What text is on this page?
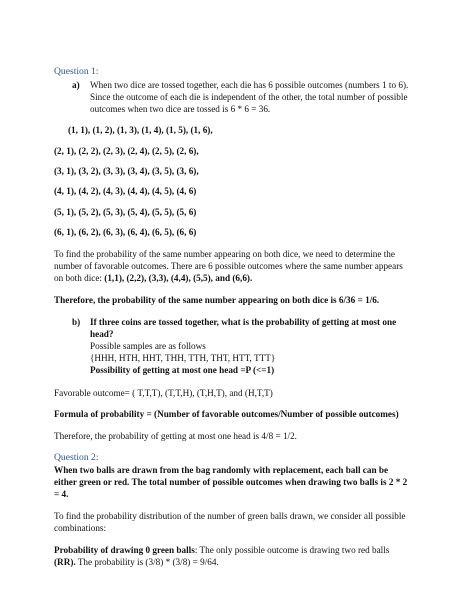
Question 1:
a) When two dice are tossed together, each die has 6 possible outcomes (numbers 1 to 6).
Since the outcome of each die is independent of the other, the total number of possible
outcomes when two dice are tossed is 6 * 6 = 36.
(1, 1), (1, 2), (1, 3), (1, 4), (1, 5), (1, 6),
(2, 1), (2, 2), (2, 3), (2, 4), (2, 5), (2, 6),
(3, 1), (3, 2), (3, 3), (3, 4), (3, 5), (3, 6),
(4, 1), (4, 2), (4, 3), (4, 4), (4, 5), (4, 6)
(5, 1), (5, 2), (5, 3), (5, 4), (5, 5), (5, 6)
(6, 1), (6, 2), (6, 3), (6, 4), (6, 5), (6, 6)
To find the probability of the same number appearing on both dice, we need to determine the
number of favorable outcomes. There are 6 possible outcomes where the same number appears
on both dice: (1,1), (2,2), (3,3), (4,4), (5,5), and (6,6).
Therefore, the probability of the same number appearing on both dice is 6/36 = 1/6.
b) If three coins are tossed together, what is the probability of getting at most one
head?
Possible samples are as follows
{HHH, HTH, HHT, THH, TTH, THT, HTT, TTT}
Possibility of getting at most one head =P (<=1)
Favorable outcome= ( T,T,T), (T,T,H), (T,H,T), and (H,T,T)
Formula of probability = (Number of favorable outcomes/Number of possible outcomes)
Therefore, the probability of getting at most one head is 4/8 = 1/2.
Question 2:
When two balls are drawn from the bag randomly with replacement, each ball can be
either green or red. The total number of possible outcomes when drawing two balls is 2 * 2
= 4.
To find the probability distribution of the number of green balls drawn, we consider all possible
combinations:
Probability of drawing 0 green balls: The only possible outcome is drawing two red balls
(RR). The probability is (3/8) * (3/8) = 9/64.
